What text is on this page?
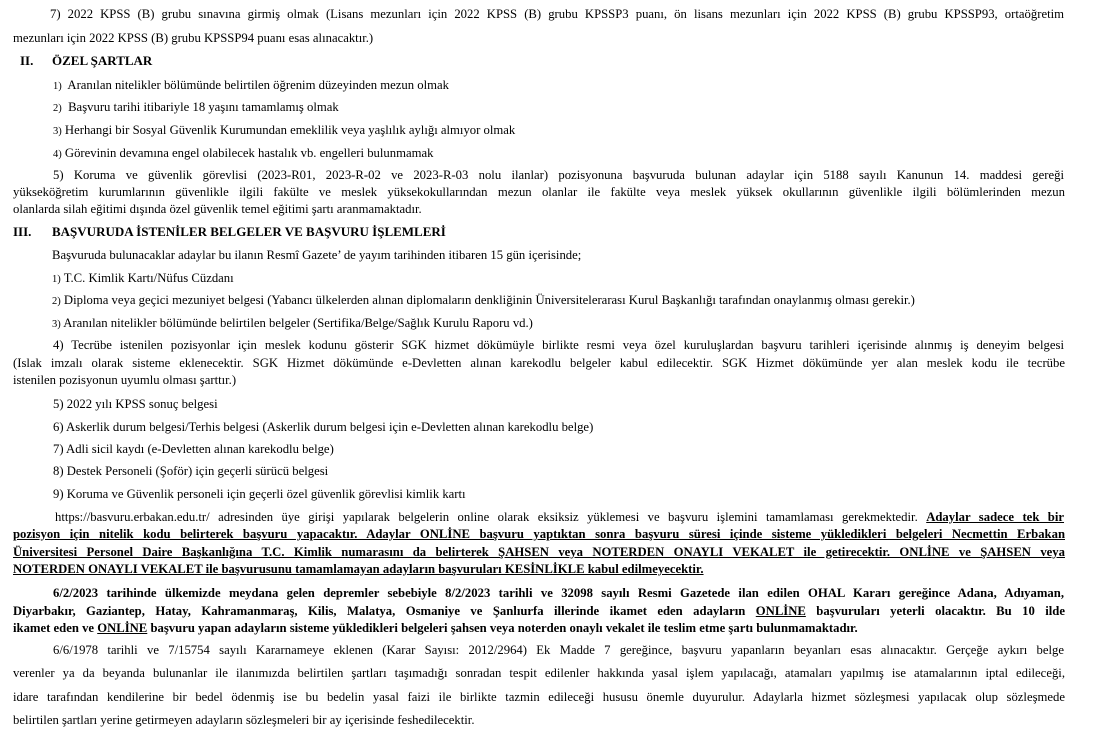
7) 2022 KPSS (B) grubu sınavına girmiş olmak (Lisans mezunları için 2022 KPSS (B) grubu KPSSP3 puanı, ön lisans mezunları için 2022 KPSS (B) grubu KPSSP93, ortaöğretim
mezunları için 2022 KPSS (B) grubu KPSSP94 puanı esas alınacaktır.)
II. ÖZEL ŞARTLAR
1) Aranılan nitelikler bölümünde belirtilen öğrenim düzeyinden mezun olmak
2) Başvuru tarihi itibariyle 18 yaşını tamamlamış olmak
3) Herhangi bir Sosyal Güvenlik Kurumundan emeklilik veya yaşlılık aylığı almıyor olmak
4) Görevinin devamına engel olabilecek hastalık vb. engelleri bulunmamak
5) Koruma ve güvenlik görevlisi (2023-R01, 2023-R-02 ve 2023-R-03 nolu ilanlar) pozisyonuna başvuruda bulunan adaylar için 5188 sayılı Kanunun 14. maddesi gereği
yükseköğretim kurumlarının güvenlikle ilgili fakülte ve meslek yüksekokullarından mezun olanlar ile fakülte veya meslek yüksek okullarının güvenlikle ilgili bölümlerinden mezun
olanlarda silah eğitimi dışında özel güvenlik temel eğitimi şartı aranmamaktadır.
III. BAŞVURUDA İSTENİLER BELGELER VE BAŞVURU İŞLEMLERİ
Başvuruda bulunacaklar adaylar bu ilanın Resmî Gazete’ de yayım tarihinden itibaren 15 gün içerisinde;
1) T.C. Kimlik Kartı/Nüfus Cüzdanı
2) Diploma veya geçici mezuniyet belgesi (Yabancı ülkelerden alınan diplomaların denkliğinin Üniversitelerarası Kurul Başkanlığı tarafından onaylanmış olması gerekir.)
3) Aranılan nitelikler bölümünde belirtilen belgeler (Sertifika/Belge/Sağlık Kurulu Raporu vd.)
4) Tecrübe istenilen pozisyonlar için meslek kodunu gösterir SGK hizmet dökümüyle birlikte resmi veya özel kuruluşlardan başvuru tarihleri içerisinde alınmış iş deneyim belgesi
(Islak imzalı olarak sisteme eklenecektir. SGK Hizmet dökümünde e-Devletten alınan karekodlu belgeler kabul edilecektir. SGK Hizmet dökümünde yer alan meslek kodu ile tecrübe
istenilen pozisyonun uyumlu olması şarttır.)
5) 2022 yılı KPSS sonuç belgesi
6) Askerlik durum belgesi/Terhis belgesi (Askerlik durum belgesi için e-Devletten alınan karekodlu belge)
7) Adli sicil kaydı (e-Devletten alınan karekodlu belge)
8) Destek Personeli (Şoför) için geçerli sürücü belgesi
9) Koruma ve Güvenlik personeli için geçerli özel güvenlik görevlisi kimlik kartı
https://basvuru.erbakan.edu.tr/ adresinden üye girişi yapılarak belgelerin online olarak eksiksiz yüklemesi ve başvuru işlemini tamamlaması gerekmektedir. Adaylar sadece tek bir
pozisyon için nitelik kodu belirterek başvuru yapacaktır. Adaylar ONLİNE başvuru yaptıktan sonra başvuru süresi içinde sisteme yükledikleri belgeleri Necmettin Erbakan
Üniversitesi Personel Daire Başkanlığına T.C. Kimlik numarasını da belirterek ŞAHSEN veya NOTERDEN ONAYLI VEKALET ile getirecektir. ONLİNE ve ŞAHSEN veya
NOTERDEN ONAYLI VEKALET ile başvurusunu tamamlamayan adayların başvuruları KESİNLİKLE kabul edilmeyecektir.
6/2/2023 tarihinde ülkemizde meydana gelen depremler sebebiyle 8/2/2023 tarihli ve 32098 sayılı Resmi Gazetede ilan edilen OHAL Kararı gereğince Adana, Adıyaman,
Diyarbakır, Gaziantep, Hatay, Kahramanmaraş, Kilis, Malatya, Osmaniye ve Şanlıurfa illerinde ikamet eden adayların ONLİNE başvuruları yeterli olacaktır. Bu 10 ilde
ikamet eden ve ONLİNE başvuru yapan adayların sisteme yükledikleri belgeleri şahsen veya noterden onaylı vekalet ile teslim etme şartı bulunmamaktadır.
6/6/1978 tarihli ve 7/15754 sayılı Kararnameye eklenen (Karar Sayısı: 2012/2964) Ek Madde 7 gereğince, başvuru yapanların beyanları esas alınacaktır. Gerçeğe aykırı belge
verenler ya da beyanda bulunanlar ile ilanımızda belirtilen şartları taşımadığı sonradan tespit edilenler hakkında yasal işlem yapılacağı, atamaları yapılmış ise atamalarının iptal edileceği,
idare tarafından kendilerine bir bedel ödenmiş ise bu bedelin yasal faizi ile birlikte tazmin edileceği hususu önemle duyurulur. Adaylarla hizmet sözleşmesi yapılacak olup sözleşmede
belirtilen şartları yerine getirmeyen adayların sözleşmeleri bir ay içerisinde feshedilecektir.
